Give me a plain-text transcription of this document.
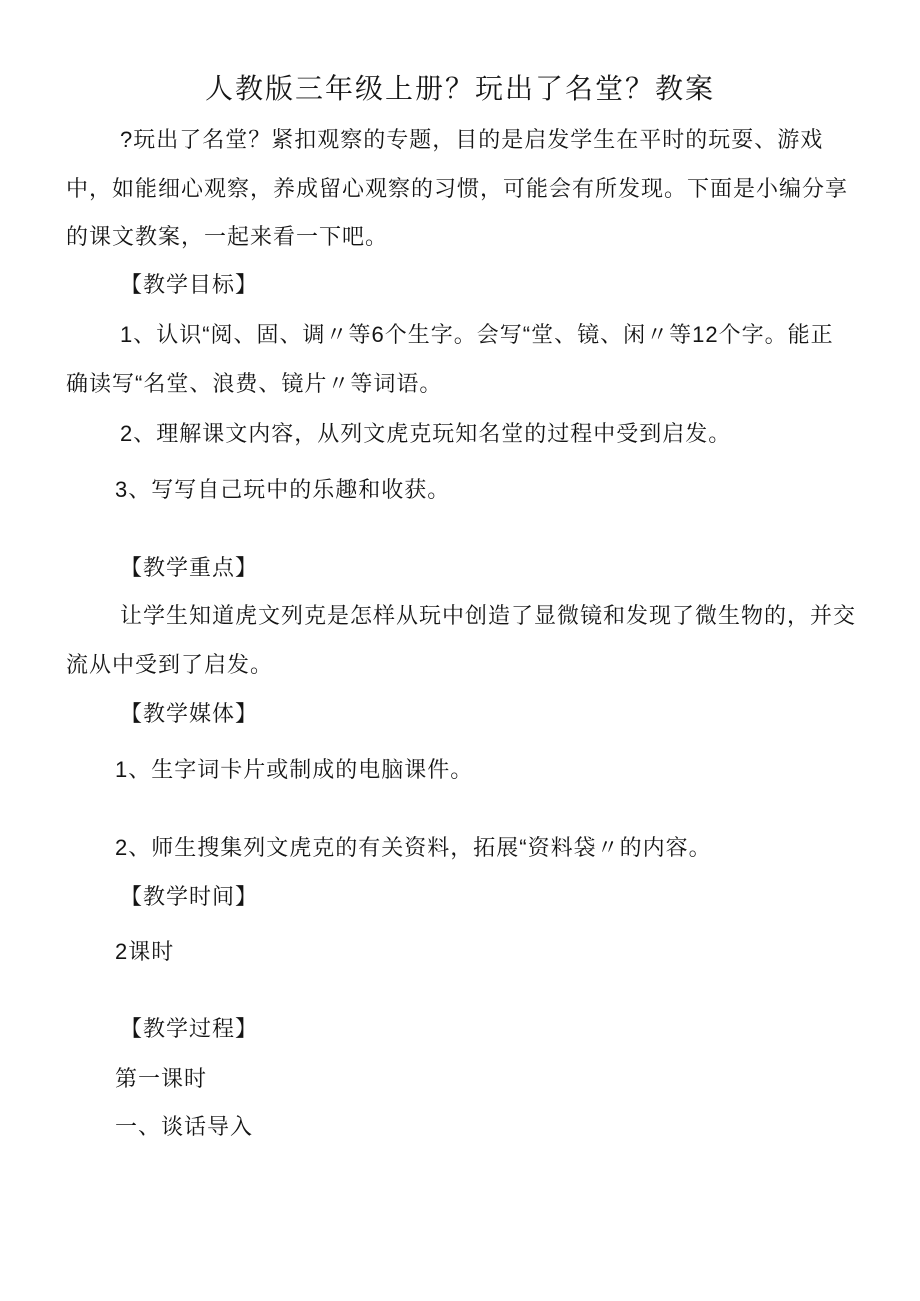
人教版三年级上册？玩出了名堂？教案
?玩出了名堂？紧扣观察的专题，目的是启发学生在平时的玩耍、游戏
中，如能细心观察，养成留心观察的习惯，可能会有所发现。下面是小编分享
的课文教案，一起来看一下吧。
【教学目标】
1、认识“阅、固、调〃等6个生字。会写“堂、镜、闲〃等12个字。能正
确读写“名堂、浪费、镜片〃等词语。
2、理解课文内容，从列文虎克玩知名堂的过程中受到启发。
3、写写自己玩中的乐趣和收获。
【教学重点】
让学生知道虎文列克是怎样从玩中创造了显微镜和发现了微生物的，并交
流从中受到了启发。
【教学媒体】
1、生字词卡片或制成的电脑课件。
2、师生搜集列文虎克的有关资料，拓展“资料袋〃的内容。
【教学时间】
2课时
【教学过程】
第一课时
一、谈话导入
